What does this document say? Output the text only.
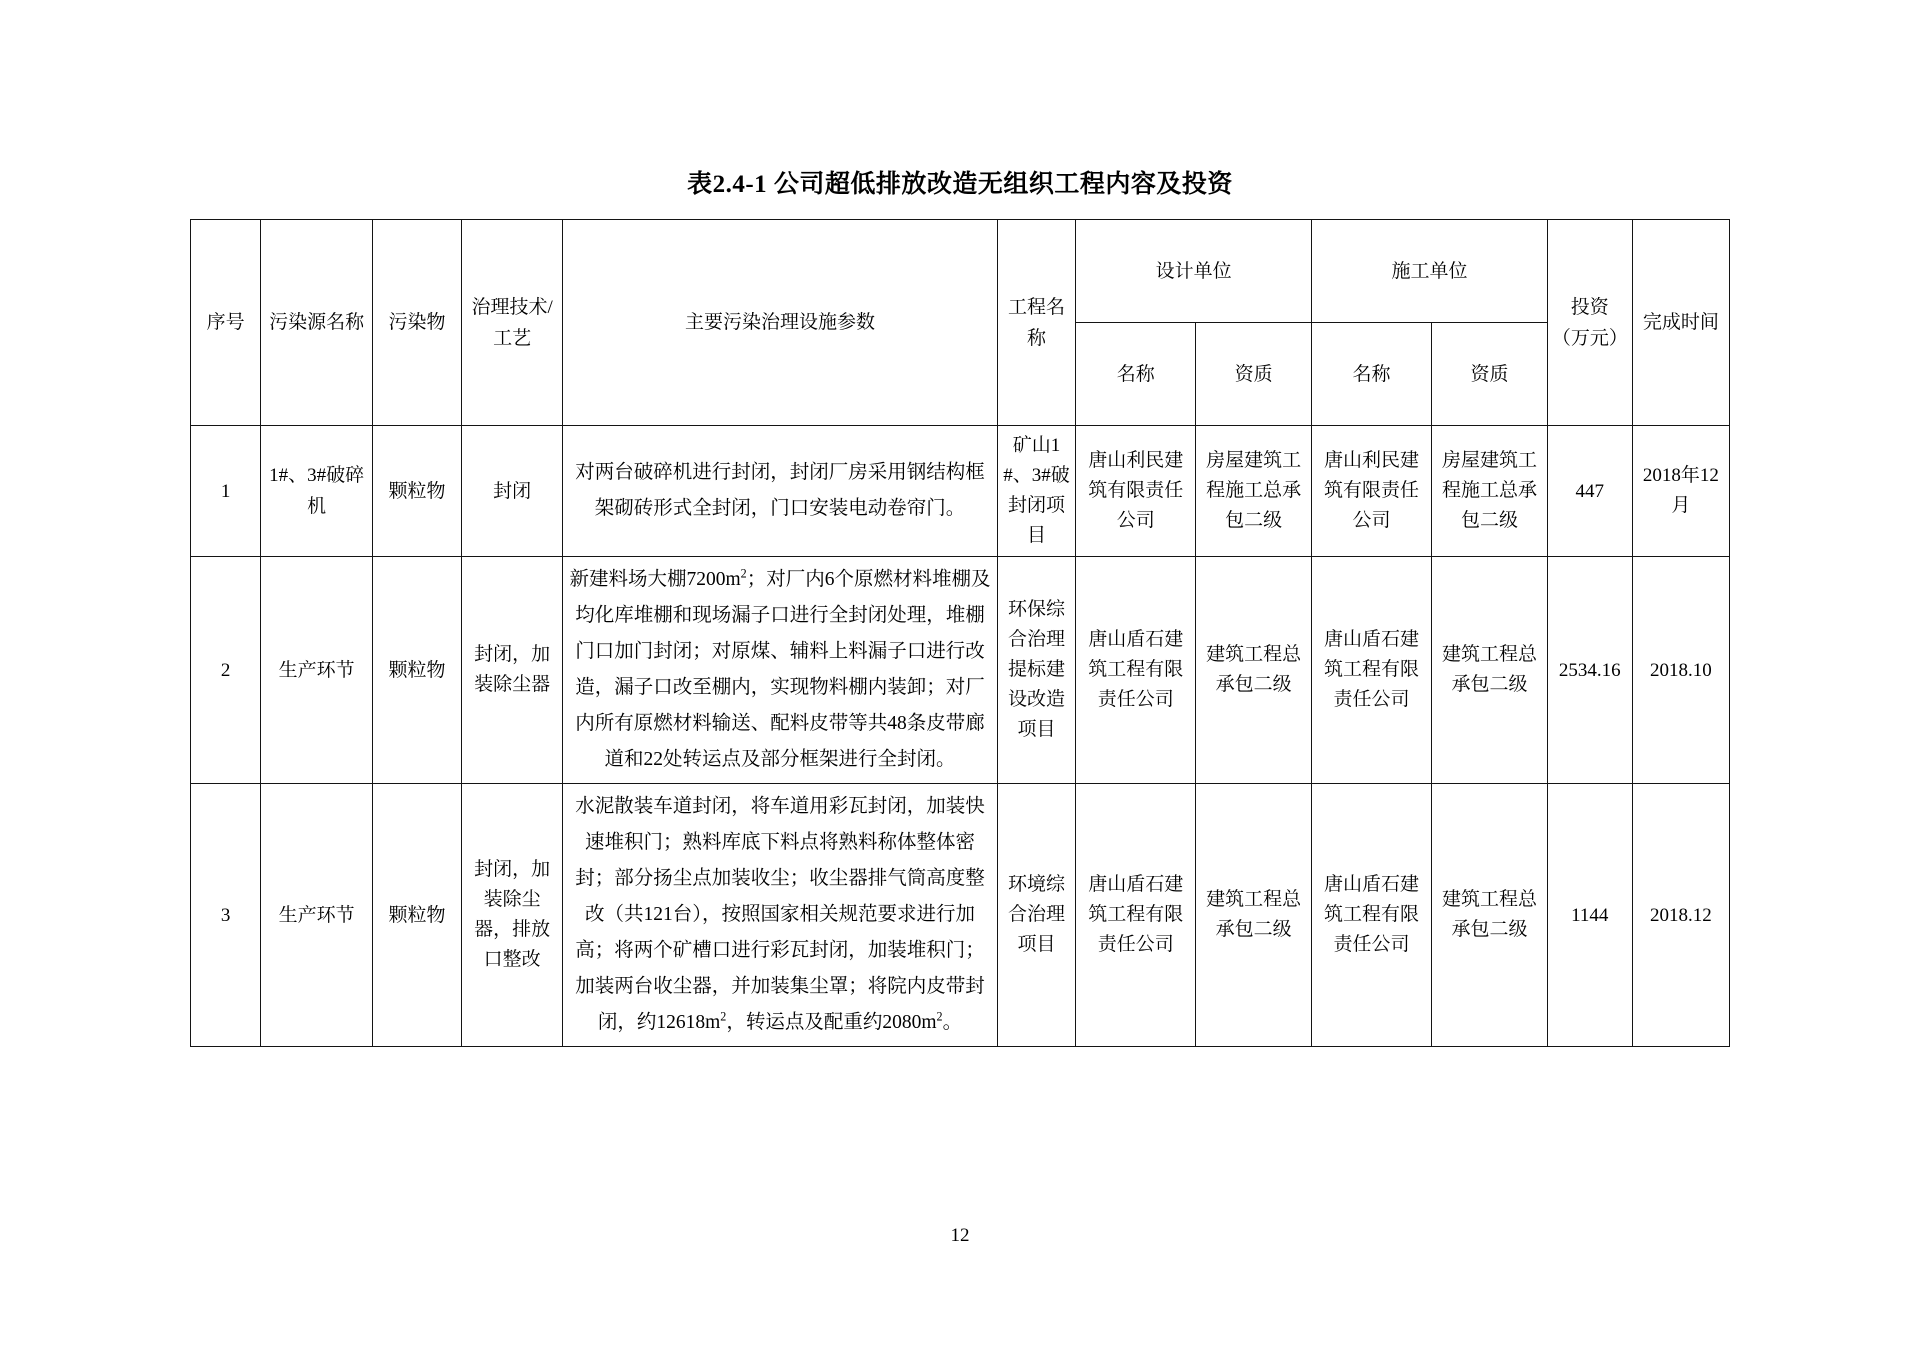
表2.4-1 公司超低排放改造无组织工程内容及投资
序号	污染源名称	污染物	治理技术/工艺	主要污染治理设施参数	工程名称	设计单位		施工单位		投资（万元）	完成时间
						名称	资质	名称	资质		
1	1#、3#破碎机	颗粒物	封闭	对两台破碎机进行封闭，封闭厂房采用钢结构框架砌砖形式全封闭，门口安装电动卷帘门。	矿山1#、3#破封闭项目	唐山利民建筑有限责任公司	房屋建筑工程施工总承包二级	唐山利民建筑有限责任公司	房屋建筑工程施工总承包二级	447	2018年12月
2	生产环节	颗粒物	封闭，加装除尘器	新建料场大棚$7200m^2$；对厂内6个原燃材料堆棚及均化库堆棚和现场漏子口进行全封闭处理，堆棚门口加门封闭；对原煤、辅料上料漏子口进行改造，漏子口改至棚内，实现物料棚内装卸；对厂内所有原燃材料输送、配料皮带等共48条皮带廊道和22处转运点及部分框架进行全封闭。	环保综合治理提标建设改造项目	唐山盾石建筑工程有限责任公司	建筑工程总承包二级	唐山盾石建筑工程有限责任公司	建筑工程总承包二级	2534.16	2018.10
3	生产环节	颗粒物	封闭，加装除尘器，排放口整改	水泥散装车道封闭，将车道用彩瓦封闭，加装快速堆积门；熟料库底下料点将熟料称体整体密封；部分扬尘点加装收尘；收尘器排气筒高度整改（共121台），按照国家相关规范要求进行加高；将两个矿槽口进行彩瓦封闭，加装堆积门；加装两台收尘器，并加装集尘罩；将院内皮带封闭，约$12618m^2$，转运点及配重约$2080m^2$。	环境综合治理项目	唐山盾石建筑工程有限责任公司	建筑工程总承包二级	唐山盾石建筑工程有限责任公司	建筑工程总承包二级	1144	2018.12
12
